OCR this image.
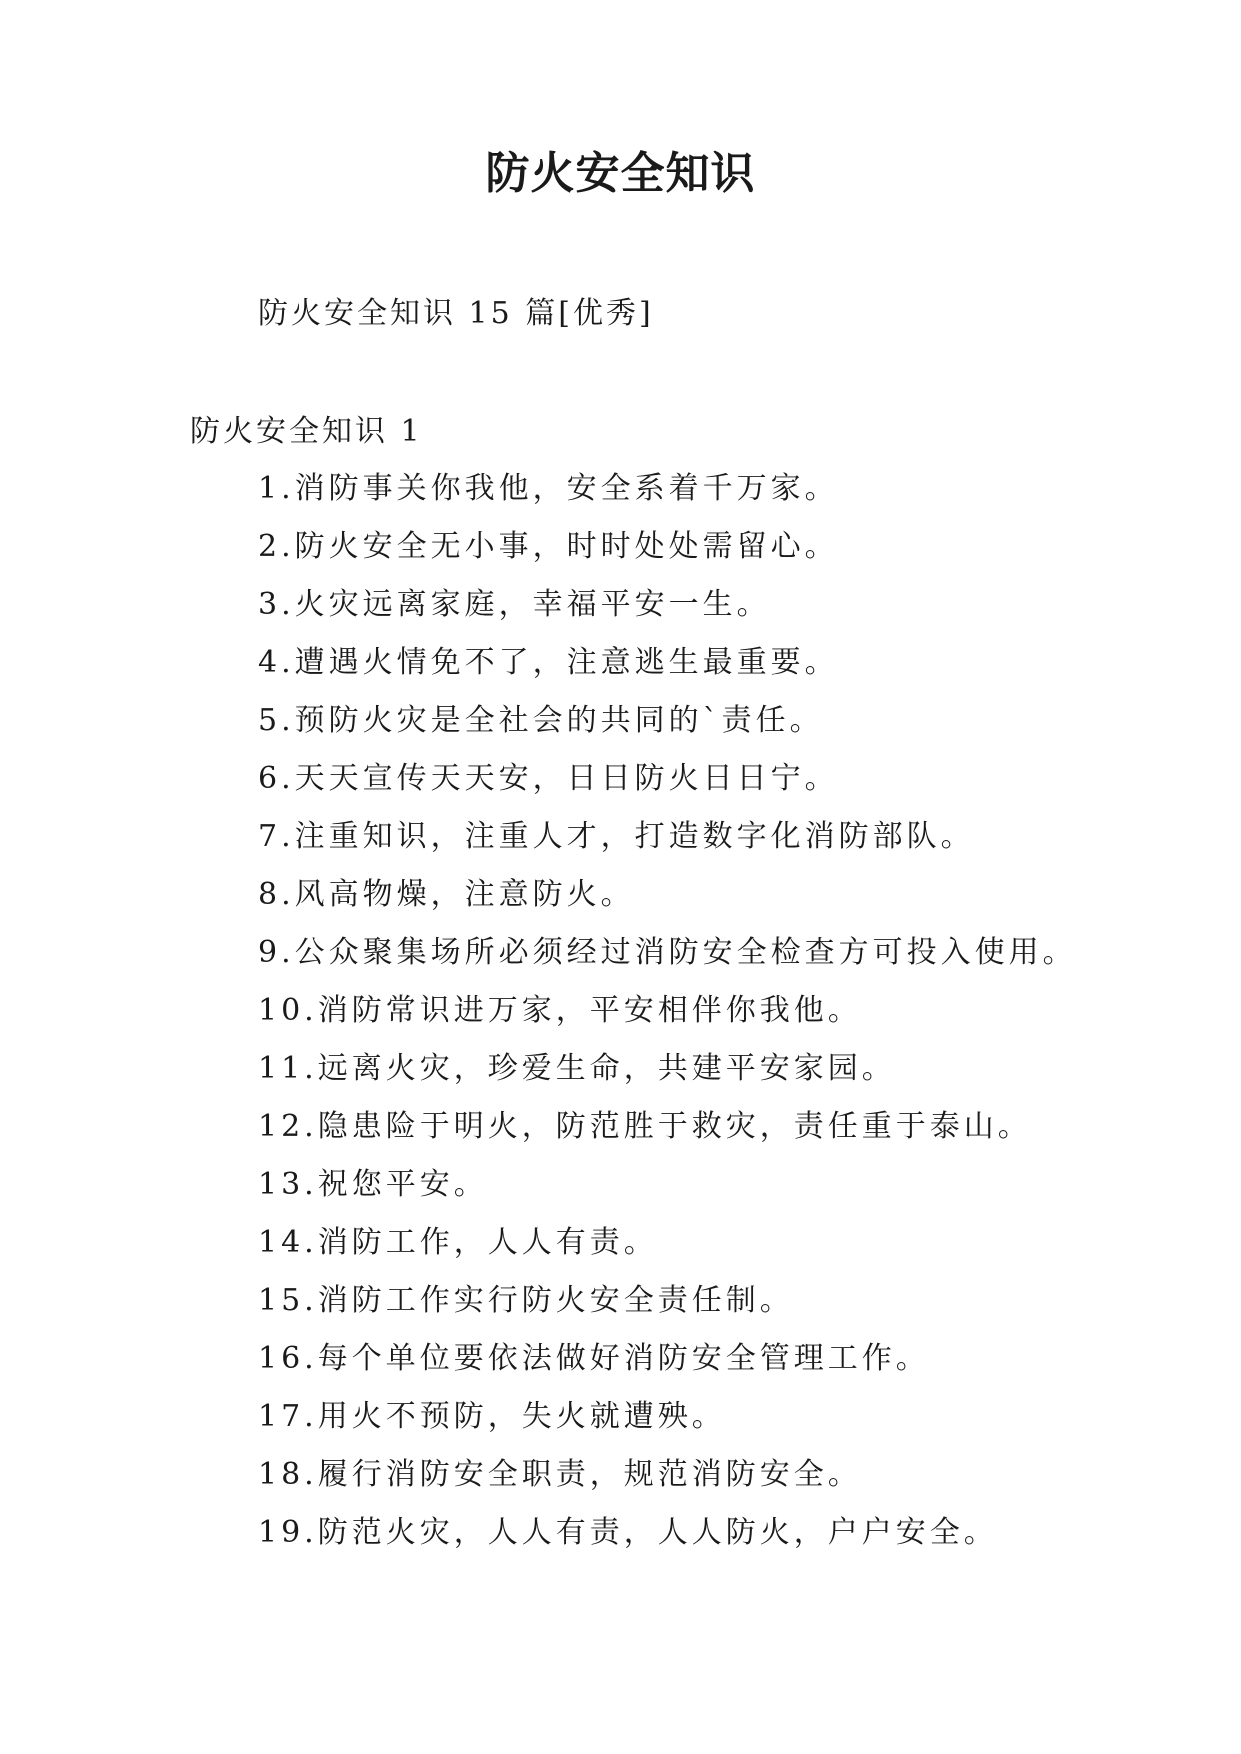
防火安全知识
防火安全知识 15 篇[优秀]
防火安全知识 1
1.消防事关你我他，安全系着千万家。
2.防火安全无小事，时时处处需留心。
3.火灾远离家庭，幸福平安一生。
4.遭遇火情免不了，注意逃生最重要。
5.预防火灾是全社会的共同的`责任。
6.天天宣传天天安，日日防火日日宁。
7.注重知识，注重人才，打造数字化消防部队。
8.风高物燥，注意防火。
9.公众聚集场所必须经过消防安全检查方可投入使用。
10.消防常识进万家，平安相伴你我他。
11.远离火灾，珍爱生命，共建平安家园。
12.隐患险于明火，防范胜于救灾，责任重于泰山。
13.祝您平安。
14.消防工作，人人有责。
15.消防工作实行防火安全责任制。
16.每个单位要依法做好消防安全管理工作。
17.用火不预防，失火就遭殃。
18.履行消防安全职责，规范消防安全。
19.防范火灾，人人有责，人人防火，户户安全。
